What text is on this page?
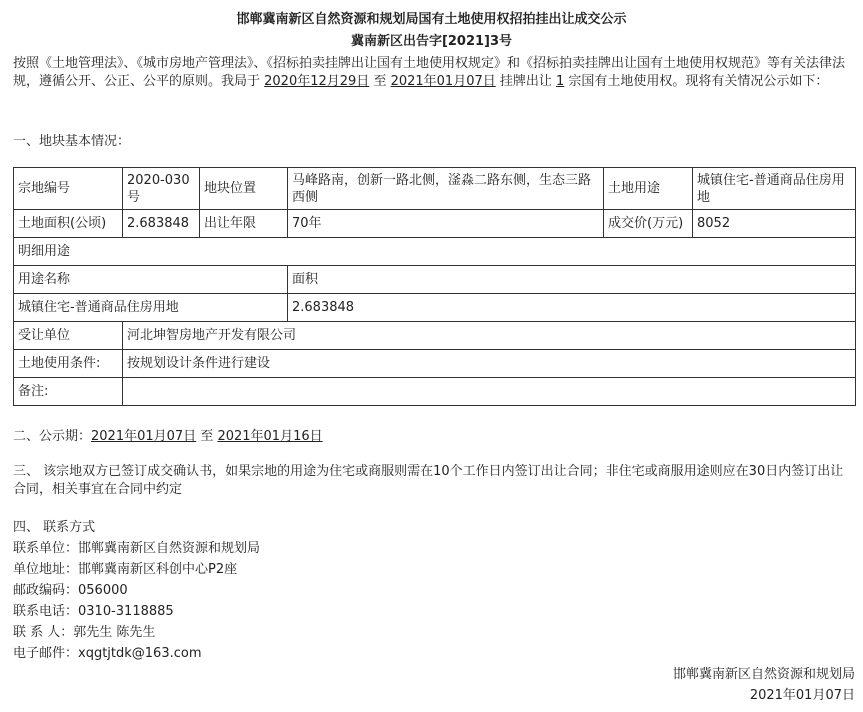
邯郸冀南新区自然资源和规划局国有土地使用权招拍挂出让成交公示
冀南新区出告字[2021]3号
按照《土地管理法》、《城市房地产管理法》、《招标拍卖挂牌出让国有土地使用权规定》和《招标拍卖挂牌出让国有土地使用权规范》等有关法律法规，遵循公开、公正、公平的原则。我局于 2020年12月29日 至 2021年01月07日 挂牌出让 1 宗国有土地使用权。现将有关情况公示如下：
一、地块基本情况：
宗地编号	2020-030号	地块位置	马峰路南，创新一路北侧，滏淼二路东侧，生态三路西侧	土地用途	城镇住宅-普通商品住房用地
土地面积(公顷)	2.683848	出让年限	70年	成交价(万元)	8052
明细用途					
用途名称			面积		
城镇住宅-普通商品住房用地			2.683848		
受让单位	河北坤智房地产开发有限公司				
土地使用条件:	按规划设计条件进行建设				
备注:					
二、公示期：2021年01月07日 至 2021年01月16日
三、 该宗地双方已签订成交确认书，如果宗地的用途为住宅或商服则需在10个工作日内签订出让合同；非住宅或商服用途则应在30日内签订出让合同，相关事宜在合同中约定
四、 联系方式
联系单位：邯郸冀南新区自然资源和规划局
单位地址：邯郸冀南新区科创中心P2座
邮政编码：056000
联系电话：0310-3118885
联 系 人：郭先生 陈先生
电子邮件：xqgtjtdk@163.com
邯郸冀南新区自然资源和规划局
2021年01月07日
